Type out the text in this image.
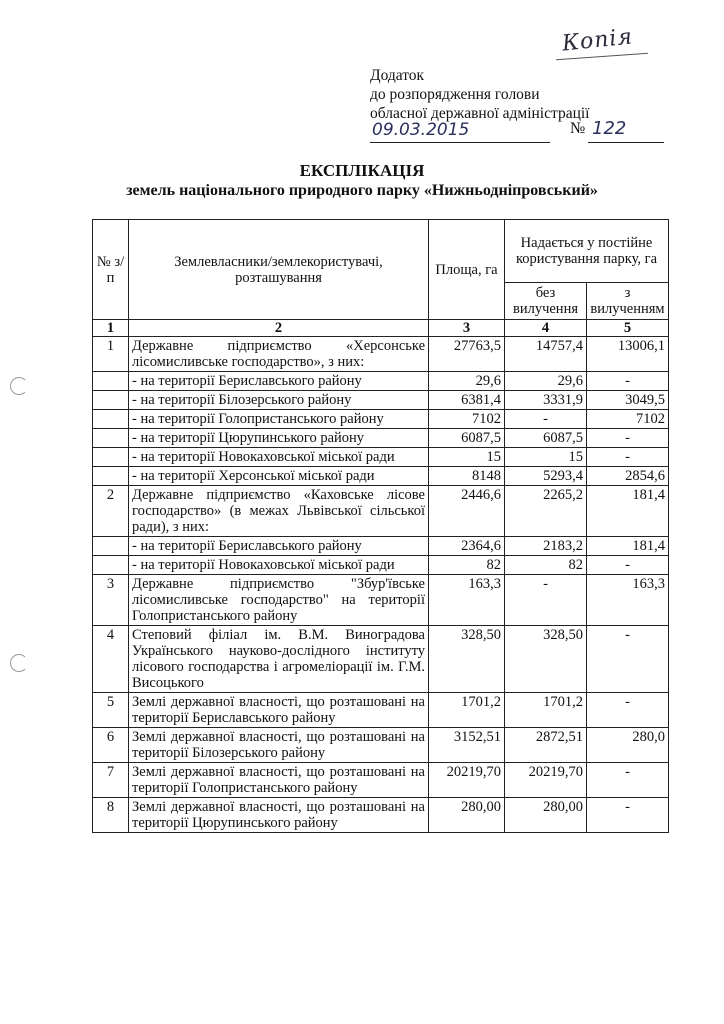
Копія
Додаток
до розпорядження голови
обласної державної адміністрації
09.03.2015	№ 122
ЕКСПЛІКАЦІЯ
земель національного природного парку «Нижньодніпровський»
№ з/п	Землевласники/землекористувачі, розташування	Площа, га	Надається у постійне користування парку, га	
			без вилучення	з вилученням
1	2	3	4	5
1	Державне підприємство «Херсонське лісомисливське господарство», з них:	27763,5	14757,4	13006,1
	- на території Бериславського району	29,6	29,6	-
	- на території Білозерського району	6381,4	3331,9	3049,5
	- на території Голопристанського району	7102	-	7102
	- на території Цюрупинського району	6087,5	6087,5	-
	- на території Новокаховської міської ради	15	15	-
	- на території Херсонської міської ради	8148	5293,4	2854,6
2	Державне підприємство «Каховське лісове господарство» (в межах Львівської сільської ради), з них:	2446,6	2265,2	181,4
	- на території Бериславського району	2364,6	2183,2	181,4
	- на території Новокаховської міської ради	82	82	-
3	Державне підприємство "Збур'ївське лісомисливське господарство" на території Голопристанського району	163,3	-	163,3
4	Степовий філіал ім. В.М. Виноградова Українського науково-дослідного інституту лісового господарства і агромеліорації ім. Г.М. Висоцького	328,50	328,50	-
5	Землі державної власності, що розташовані на території Бериславського району	1701,2	1701,2	-
6	Землі державної власності, що розташовані на території Білозерського району	3152,51	2872,51	280,0
7	Землі державної власності, що розташовані на території Голопристанського району	20219,70	20219,70	-
8	Землі державної власності, що розташовані на території Цюрупинського району	280,00	280,00	-
